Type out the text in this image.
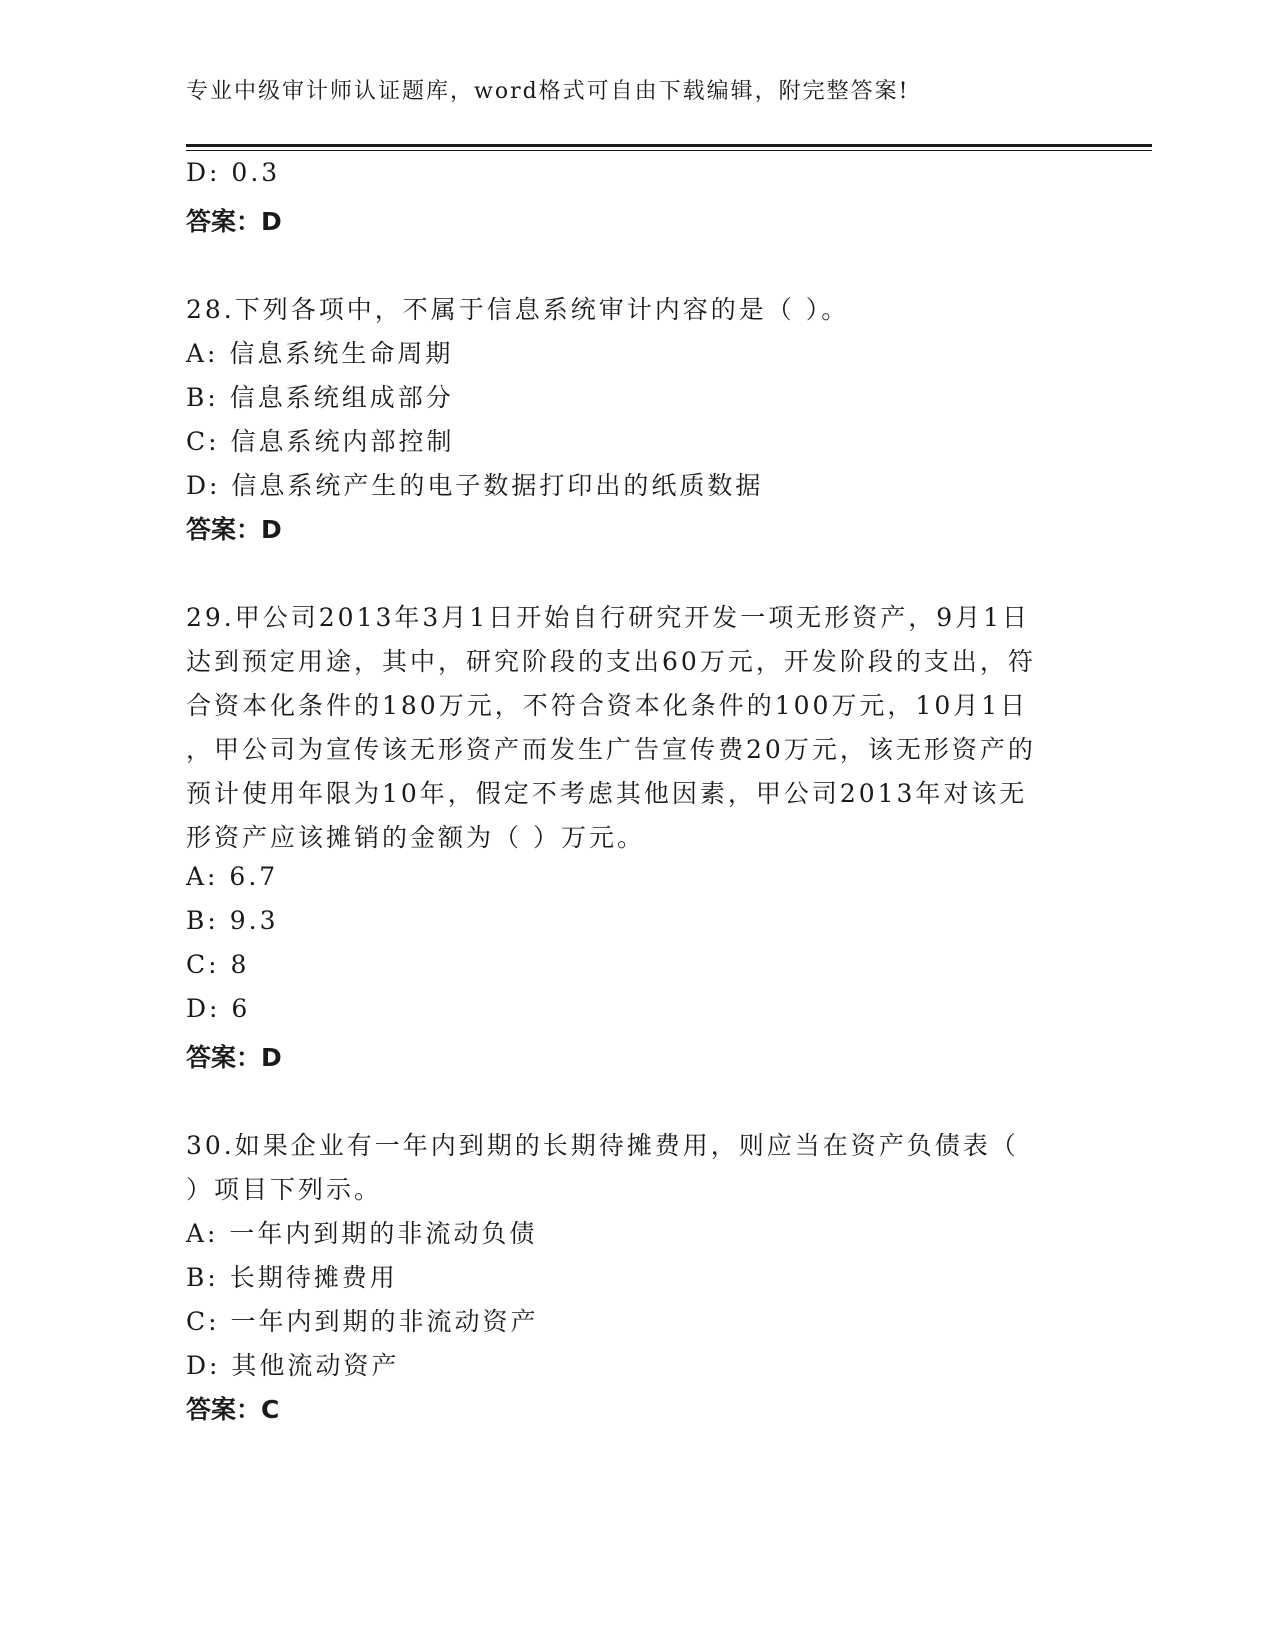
专业中级审计师认证题库，word格式可自由下载编辑，附完整答案!
D: 0.3
答案：D
28.下列各项中，不属于信息系统审计内容的是（ ）。
A: 信息系统生命周期
B: 信息系统组成部分
C: 信息系统内部控制
D: 信息系统产生的电子数据打印出的纸质数据
答案：D
29.甲公司2013年3月1日开始自行研究开发一项无形资产，9月1日
达到预定用途，其中，研究阶段的支出60万元，开发阶段的支出，符
合资本化条件的180万元，不符合资本化条件的100万元，10月1日
，甲公司为宣传该无形资产而发生广告宣传费20万元，该无形资产的
预计使用年限为10年，假定不考虑其他因素，甲公司2013年对该无
形资产应该摊销的金额为（ ）万元。
A: 6.7
B: 9.3
C: 8
D: 6
答案：D
30.如果企业有一年内到期的长期待摊费用，则应当在资产负债表（
）项目下列示。
A: 一年内到期的非流动负债
B: 长期待摊费用
C: 一年内到期的非流动资产
D: 其他流动资产
答案：C
